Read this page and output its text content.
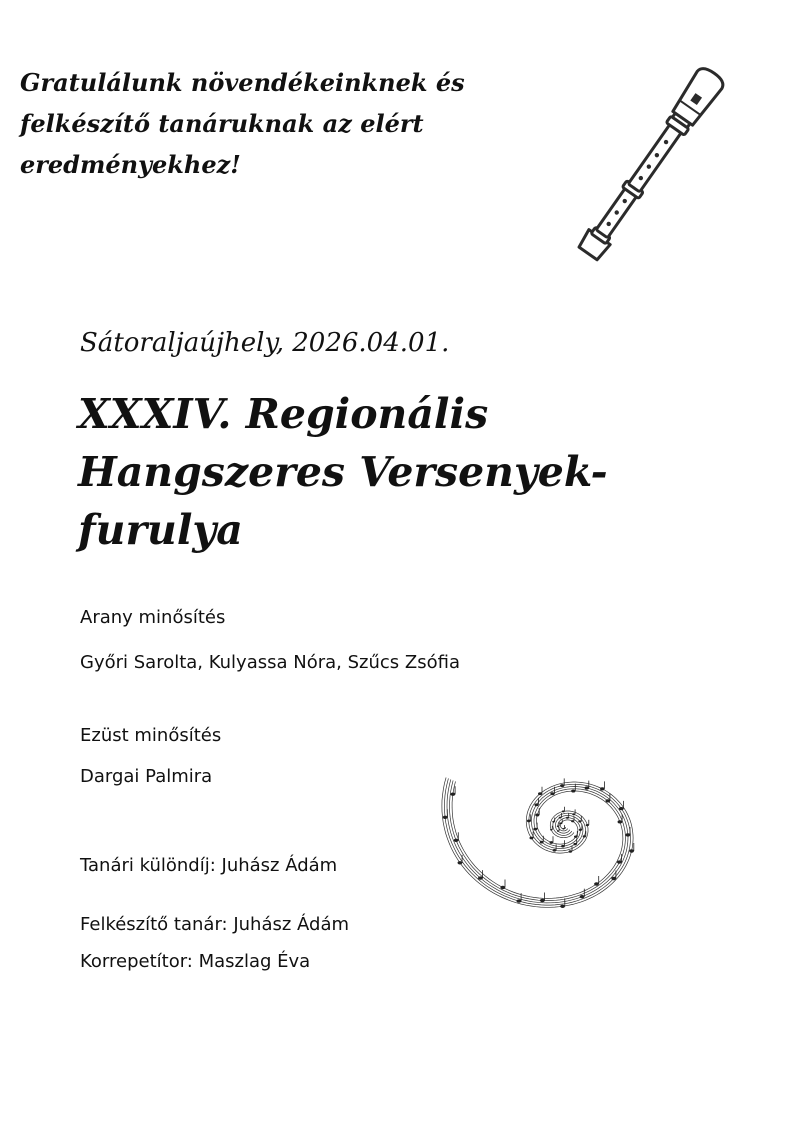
Gratulálunk növendékeinknek és
felkészítő tanáruknak az elért
eredményekhez!
Sátoraljaújhely, 2026.04.01.
XXXIV. Regionális
Hangszeres Versenyek-
furulya
Arany minősítés
Győri Sarolta, Kulyassa Nóra, Szűcs Zsófia
Ezüst minősítés
Dargai Palmira
Tanári különdíj: Juhász Ádám
Felkészítő tanár: Juhász Ádám
Korrepetítor: Maszlag Éva
